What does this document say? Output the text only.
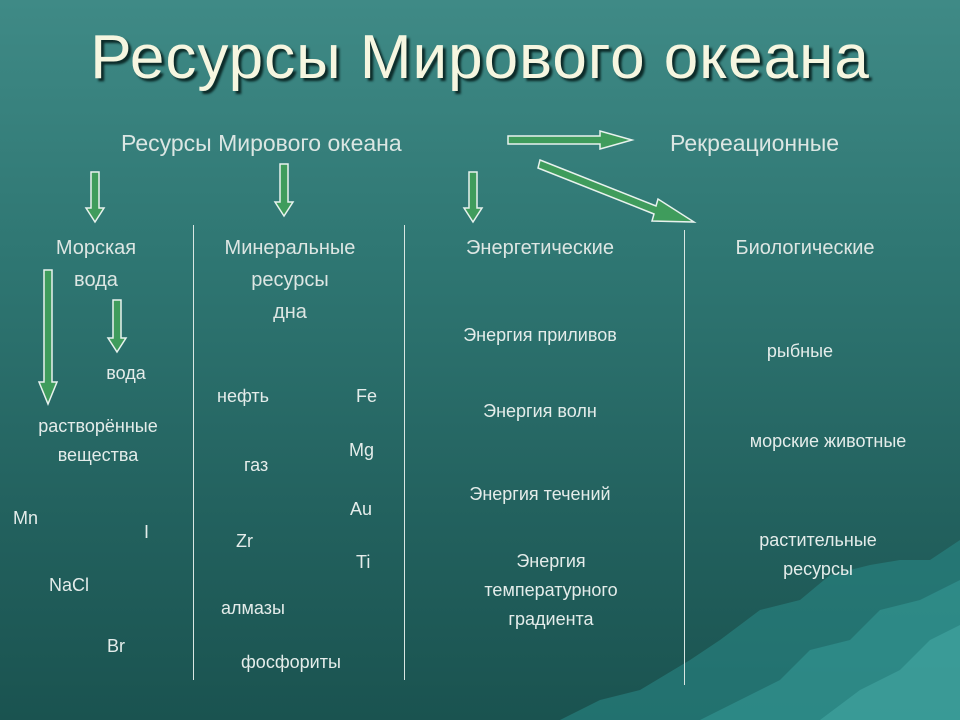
Ресурсы Мирового океана
Ресурсы Мирового океана	Рекреационные
Морская
вода
вода
растворённые
вещества
Mn
I
NaCl
Br
Минеральные
ресурсы
дна
нефть
газ
Zr
алмазы
фосфориты
Fe
Mg
Au
Ti
Энергетические
Энергия приливов
Энергия волн
Энергия течений
Энергия
температурного
градиента
Биологические
рыбные
морские животные
растительные
ресурсы
